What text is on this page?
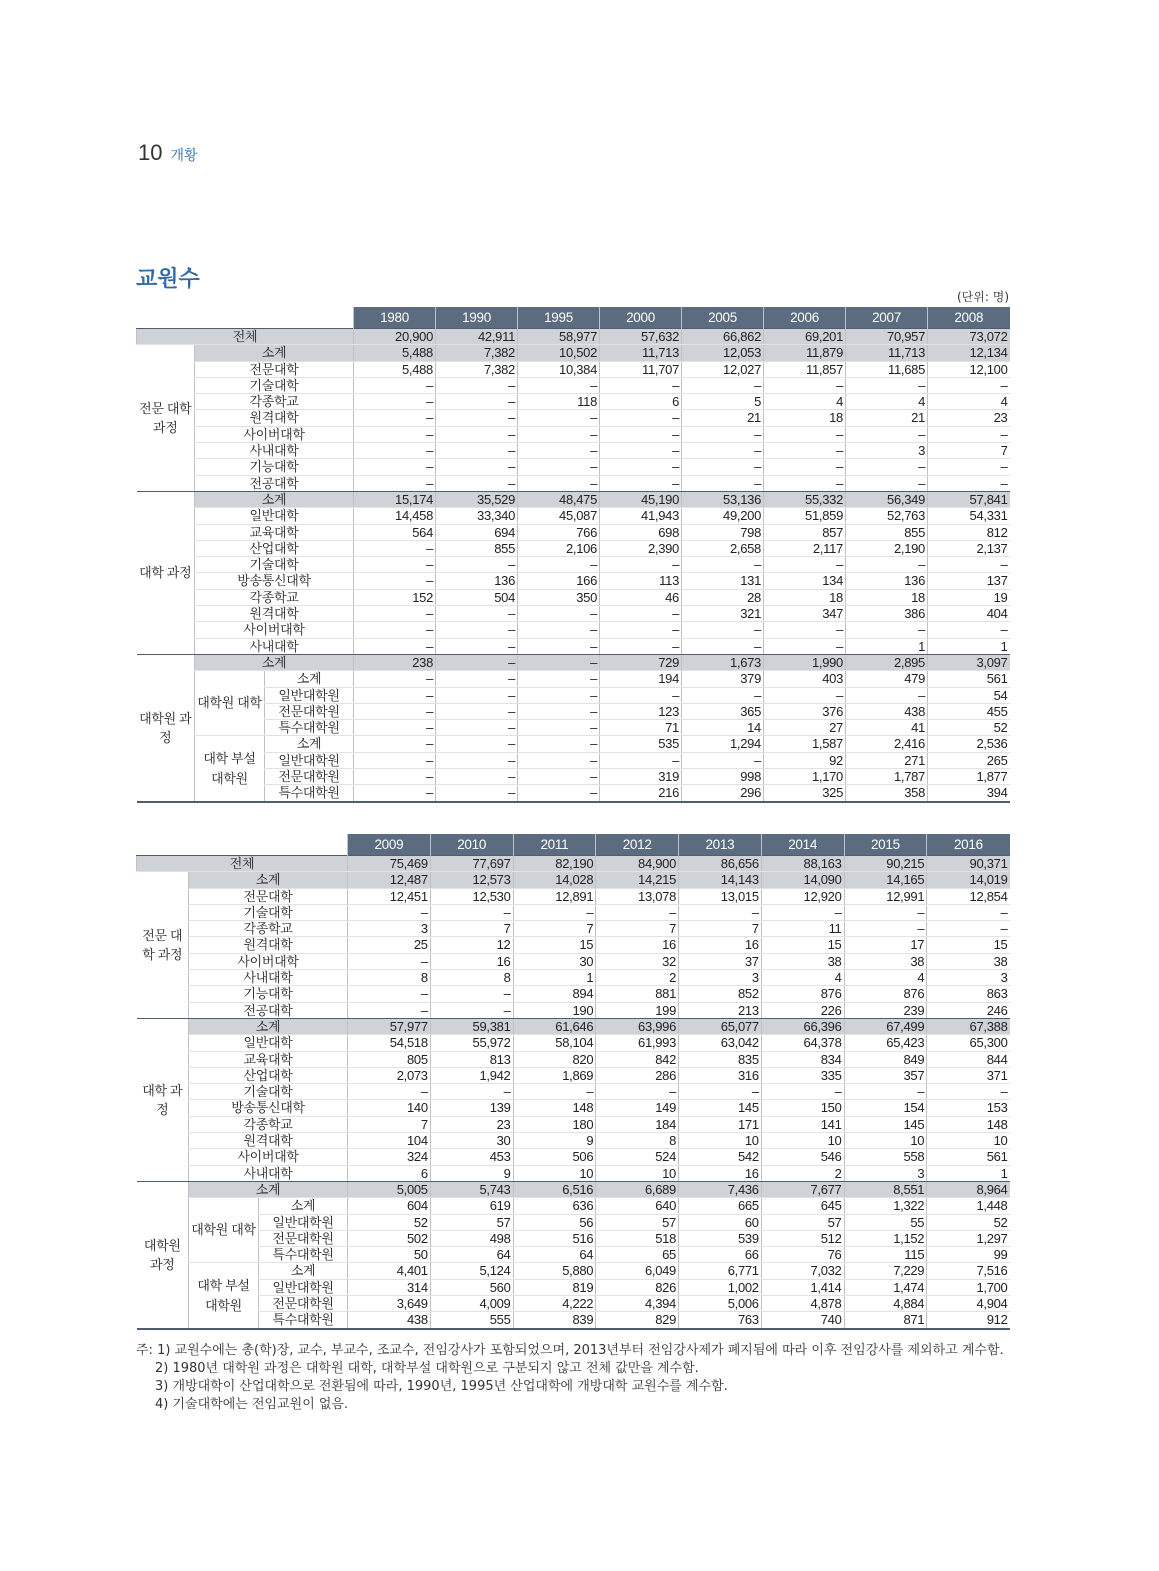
10 개황
교원수
(단위: 명)
			1980	1990	1995	2000	2005	2006	2007	2008
전체			20,900	42,911	58,977	57,632	66,862	69,201	70,957	73,072
전문 대학 과정	소계		5,488	7,382	10,502	11,713	12,053	11,879	11,713	12,134
	전문대학		5,488	7,382	10,384	11,707	12,027	11,857	11,685	12,100
	기술대학		–	–	–	–	–	–	–	–
	각종학교		–	–	118	6	5	4	4	4
	원격대학		–	–	–	–	21	18	21	23
	사이버대학		–	–	–	–	–	–	–	–
	사내대학		–	–	–	–	–	–	3	7
	기능대학		–	–	–	–	–	–	–	–
	전공대학		–	–	–	–	–	–	–	–
대학 과정	소계		15,174	35,529	48,475	45,190	53,136	55,332	56,349	57,841
	일반대학		14,458	33,340	45,087	41,943	49,200	51,859	52,763	54,331
	교육대학		564	694	766	698	798	857	855	812
	산업대학		–	855	2,106	2,390	2,658	2,117	2,190	2,137
	기술대학		–	–	–	–	–	–	–	–
	방송통신대학		–	136	166	113	131	134	136	137
	각종학교		152	504	350	46	28	18	18	19
	원격대학		–	–	–	–	321	347	386	404
	사이버대학		–	–	–	–	–	–	–	–
	사내대학		–	–	–	–	–	–	1	1
대학원 과정	소계		238	–	–	729	1,673	1,990	2,895	3,097
	대학원 대학	소계	–	–	–	194	379	403	479	561
		일반대학원	–	–	–	–	–	–	–	54
		전문대학원	–	–	–	123	365	376	438	455
		특수대학원	–	–	–	71	14	27	41	52
	대학 부설 대학원	소계	–	–	–	535	1,294	1,587	2,416	2,536
		일반대학원	–	–	–	–	–	92	271	265
		전문대학원	–	–	–	319	998	1,170	1,787	1,877
		특수대학원	–	–	–	216	296	325	358	394
			2009	2010	2011	2012	2013	2014	2015	2016
전체			75,469	77,697	82,190	84,900	86,656	88,163	90,215	90,371
전문 대학 과정	소계		12,487	12,573	14,028	14,215	14,143	14,090	14,165	14,019
	전문대학		12,451	12,530	12,891	13,078	13,015	12,920	12,991	12,854
	기술대학		–	–	–	–	–	–	–	–
	각종학교		3	7	7	7	7	11	–	–
	원격대학		25	12	15	16	16	15	17	15
	사이버대학		–	16	30	32	37	38	38	38
	사내대학		8	8	1	2	3	4	4	3
	기능대학		–	–	894	881	852	876	876	863
	전공대학		–	–	190	199	213	226	239	246
대학 과정	소계		57,977	59,381	61,646	63,996	65,077	66,396	67,499	67,388
	일반대학		54,518	55,972	58,104	61,993	63,042	64,378	65,423	65,300
	교육대학		805	813	820	842	835	834	849	844
	산업대학		2,073	1,942	1,869	286	316	335	357	371
	기술대학		–	–	–	–	–	–	–	–
	방송통신대학		140	139	148	149	145	150	154	153
	각종학교		7	23	180	184	171	141	145	148
	원격대학		104	30	9	8	10	10	10	10
	사이버대학		324	453	506	524	542	546	558	561
	사내대학		6	9	10	10	16	2	3	1
대학원 과정	소계		5,005	5,743	6,516	6,689	7,436	7,677	8,551	8,964
	대학원 대학	소계	604	619	636	640	665	645	1,322	1,448
		일반대학원	52	57	56	57	60	57	55	52
		전문대학원	502	498	516	518	539	512	1,152	1,297
		특수대학원	50	64	64	65	66	76	115	99
	대학 부설 대학원	소계	4,401	5,124	5,880	6,049	6,771	7,032	7,229	7,516
		일반대학원	314	560	819	826	1,002	1,414	1,474	1,700
		전문대학원	3,649	4,009	4,222	4,394	5,006	4,878	4,884	4,904
		특수대학원	438	555	839	829	763	740	871	912
주: 1) 교원수에는 총(학)장, 교수, 부교수, 조교수, 전임강사가 포함되었으며, 2013년부터 전임강사제가 폐지됨에 따라 이후 전임강사를 제외하고 계수함.
2) 1980년 대학원 과정은 대학원 대학, 대학부설 대학원으로 구분되지 않고 전체 값만을 계수함.
3) 개방대학이 산업대학으로 전환됨에 따라, 1990년, 1995년 산업대학에 개방대학 교원수를 계수함.
4) 기술대학에는 전임교원이 없음.
